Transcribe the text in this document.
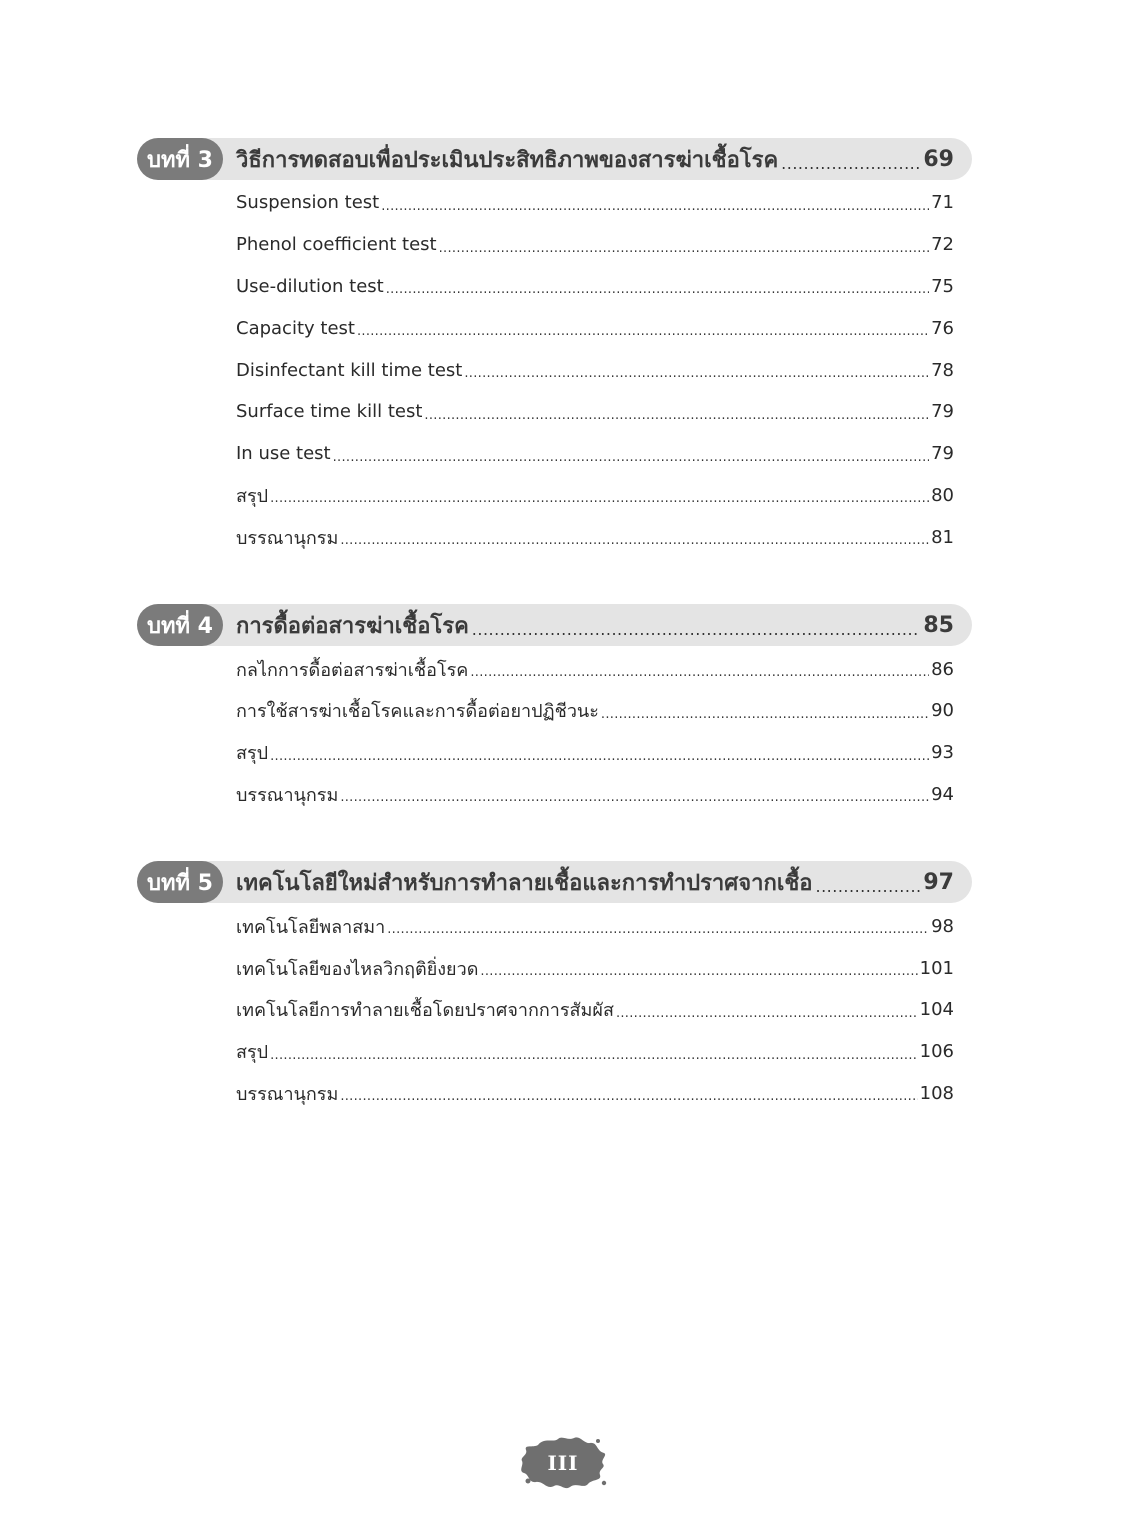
บทที่ 3	วิธีการทดสอบเพื่อประเมินประสิทธิภาพของสารฆ่าเชื้อโรค .....	69
Suspension test .....	71
Phenol coefficient test .....	72
Use-dilution test .....	75
Capacity test .....	76
Disinfectant kill time test .....	78
Surface time kill test .....	79
In use test .....	79
สรุป .....	80
บรรณานุกรม .....	81
บทที่ 4	การดื้อต่อสารฆ่าเชื้อโรค .....	85
กลไกการดื้อต่อสารฆ่าเชื้อโรค .....	86
การใช้สารฆ่าเชื้อโรคและการดื้อต่อยาปฏิชีวนะ .....	90
สรุป .....	93
บรรณานุกรม .....	94
บทที่ 5	เทคโนโลยีใหม่สำหรับการทำลายเชื้อและการทำปราศจากเชื้อ .....	97
เทคโนโลยีพลาสมา .....	98
เทคโนโลยีของไหลวิกฤติยิ่งยวด .....	101
เทคโนโลยีการทำลายเชื้อโดยปราศจากการสัมผัส .....	104
สรุป .....	106
บรรณานุกรม .....	108
III
